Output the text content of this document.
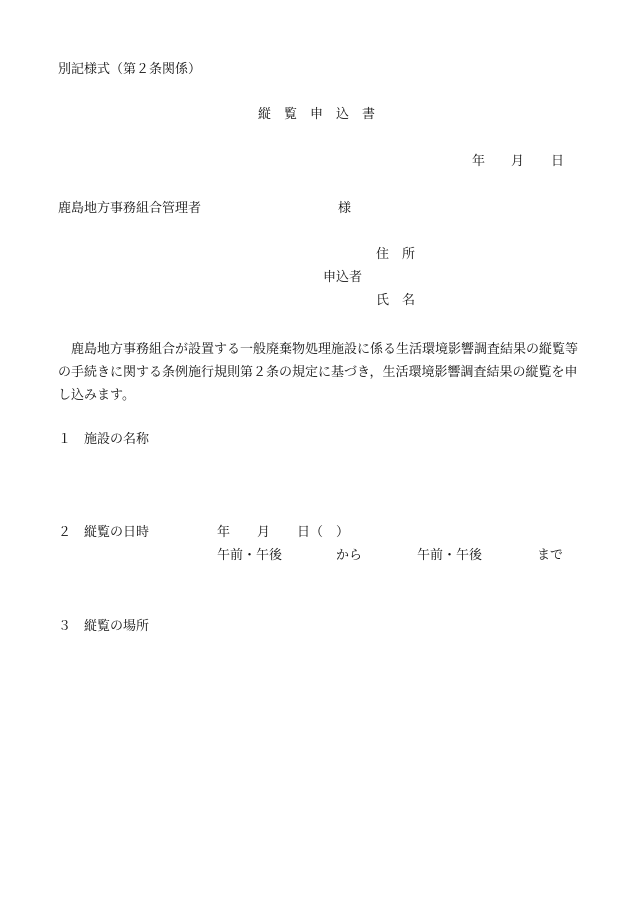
別記様式（第２条関係）
縦　覧　申　込　書
年 月 日
鹿島地方事務組合管理者	様
住　所
申込者
氏　名
鹿島地方事務組合が設置する一般廃棄物処理施設に係る生活環境影響調査結果の縦覧等の手続きに関する条例施行規則第２条の規定に基づき，生活環境影響調査結果の縦覧を申し込みます。
１ 施設の名称
２ 縦覧の日時	年 月 日（　）
午前・午後	から	午前・午後	まで
３ 縦覧の場所
